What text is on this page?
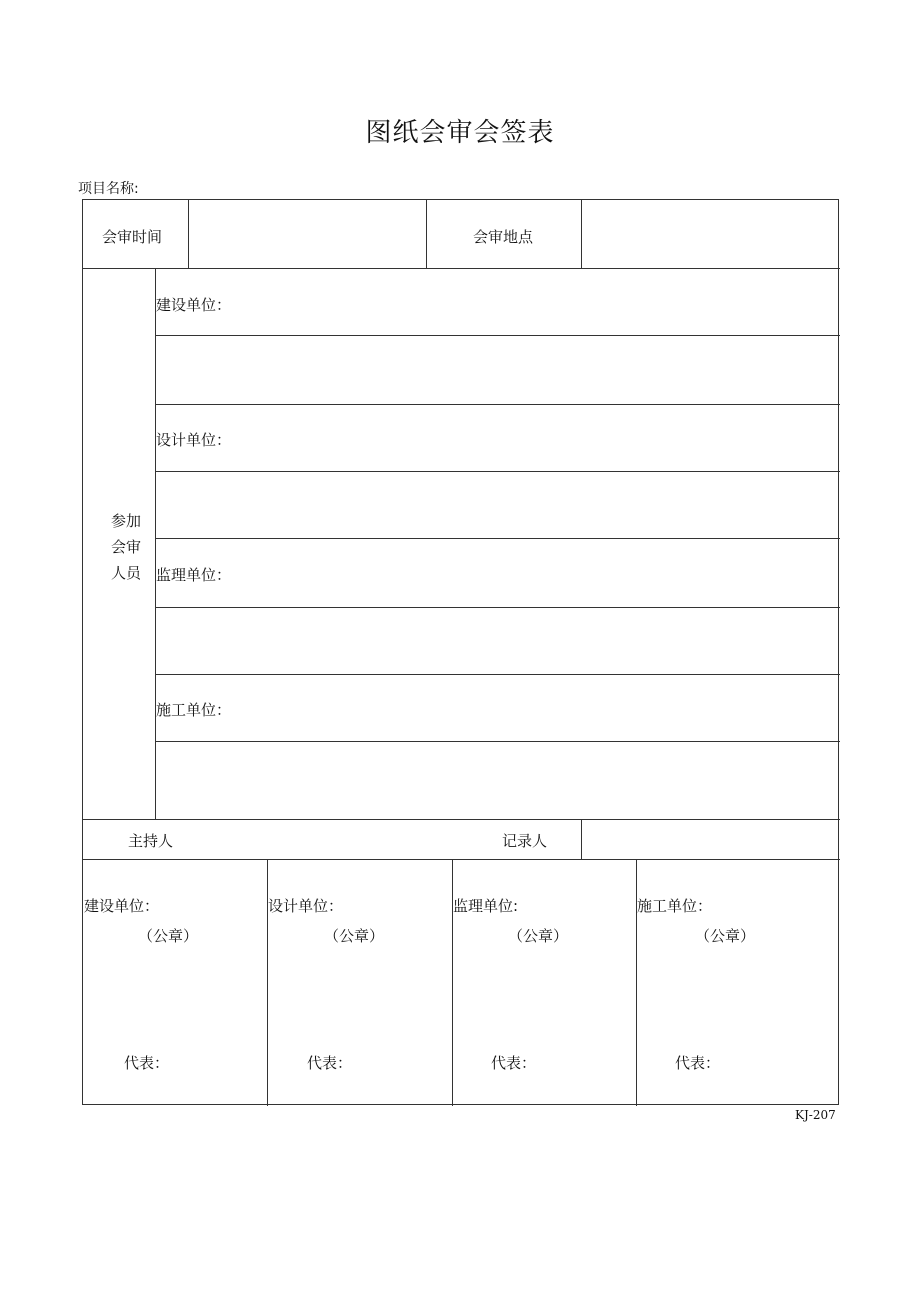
图纸会审会签表
项目名称:
会审时间	会审地点
参加
会审
人员
建设单位：
设计单位：
监理单位：
施工单位：
主持人	记录人
建设单位：
（公章）
代表：
设计单位：
（公章）
代表：
监理单位:
（公章）
代表：
施工单位：
（公章）
代表：
KJ-207
